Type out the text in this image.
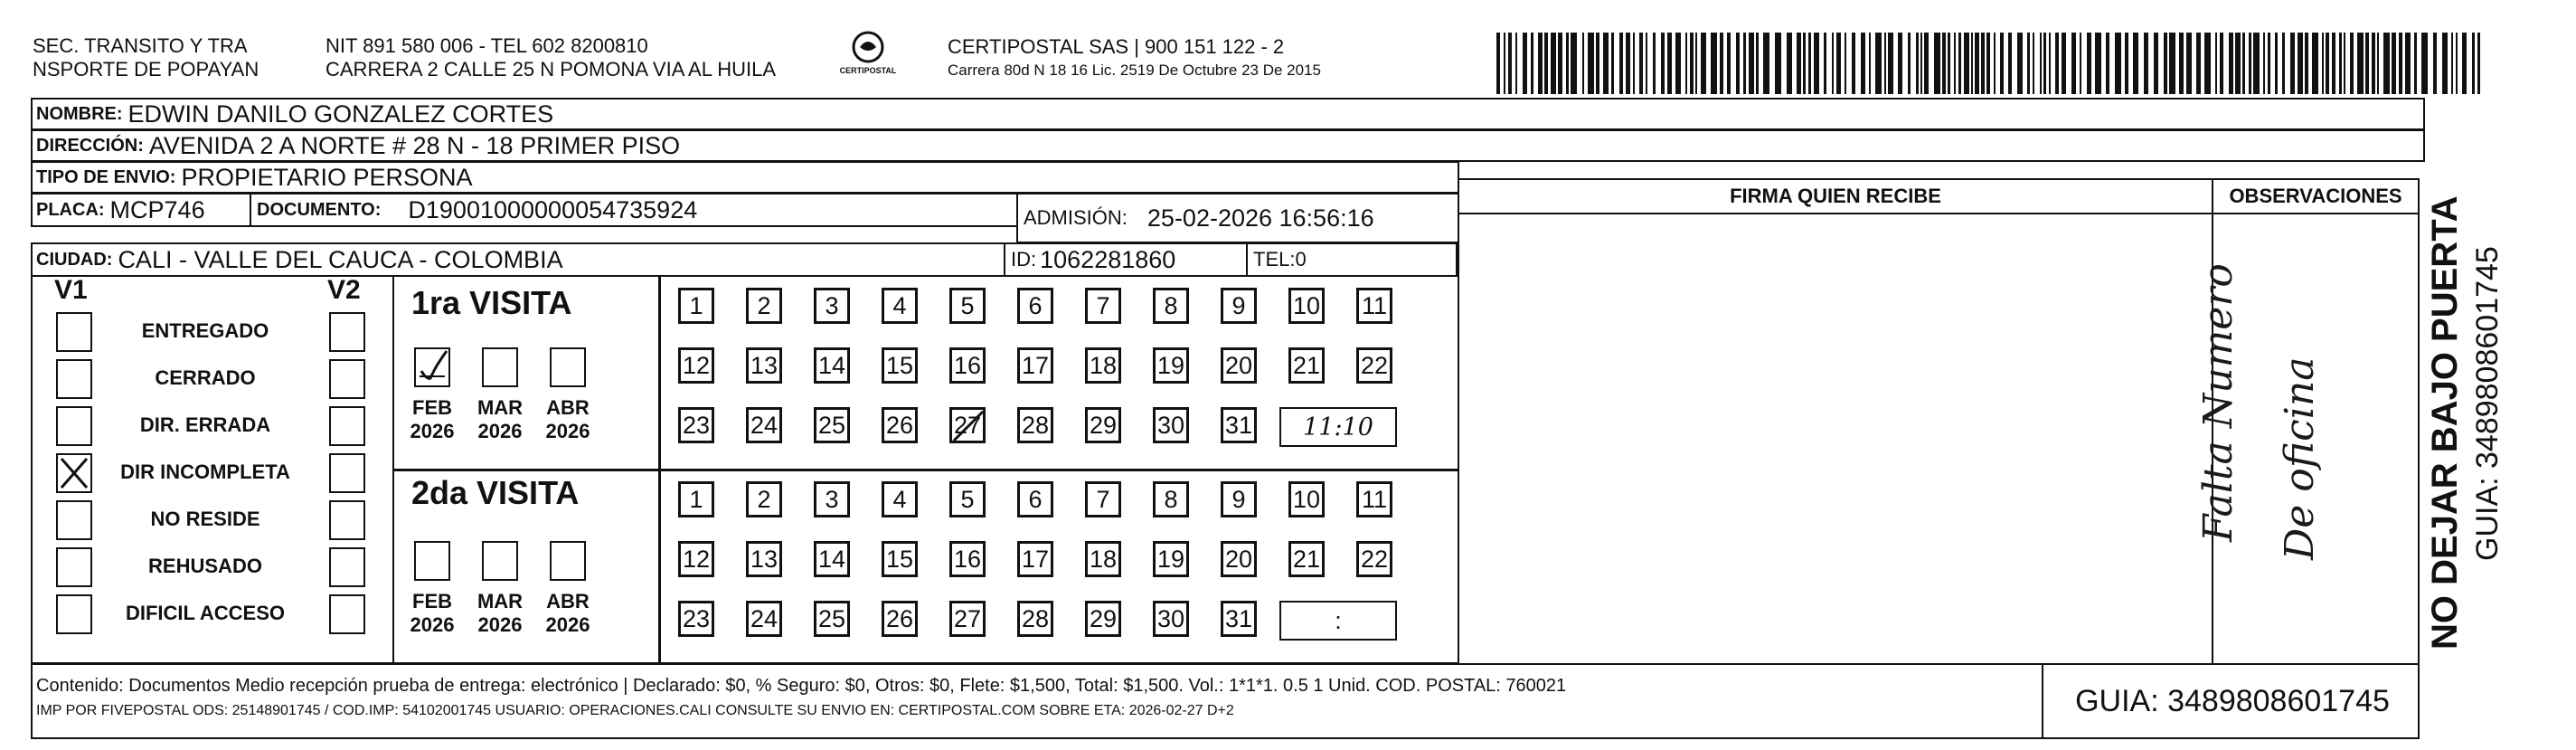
SEC. TRANSITO Y TRA
NSPORTE DE POPAYAN
NIT 891 580 006 - TEL 602 8200810
CARRERA 2 CALLE 25 N POMONA VIA AL HUILA	CERTIPOSTAL
CERTIPOSTAL SAS | 900 151 122 - 2
Carrera 80d N 18 16 Lic. 2519 De Octubre 23 De 2015
NOMBRE: EDWIN DANILO GONZALEZ CORTES
DIRECCIÓN: AVENIDA 2 A NORTE # 28 N - 18 PRIMER PISO
TIPO DE ENVIO: PROPIETARIO PERSONA
PLACA: MCP746	DOCUMENTO: D19001000000054735924	ADMISIÓN: 25-02-2026 16:56:16
CIUDAD: CALI - VALLE DEL CAUCA - COLOMBIA	ID: 1062281860	TEL: 0
FIRMA QUIEN RECIBE	OBSERVACIONES
Falta Numero De oficina
V1	V2
ENTREGADO
CERRADO
DIR. ERRADA
DIR INCOMPLETA
NO RESIDE
REHUSADO
DIFICIL ACCESO
1ra VISITA
2da VISITA
FEB
2026
MAR
2026
ABR
2026
1	2	3	4	5	6	7	8	9	10 11
12 13 14 15 16 17 18 19 20 21 22
23 24 25 26 27 28 29 30 31	11:10
FEB
2026
MAR
2026
ABR
2026
1	2	3	4	5	6	7	8	9	10 11
12 13 14 15 16 17 18 19 20 21 22
23 24 25 26 27 28 29 30 31	:
Contenido: Documentos Medio recepción prueba de entrega: electrónico | Declarado: $0, % Seguro: $0, Otros: $0, Flete: $1,500, Total: $1,500. Vol.: 1*1*1. 0.5 1 Unid. COD. POSTAL: 760021
IMP POR FIVEPOSTAL ODS: 25148901745 / COD.IMP: 54102001745 USUARIO: OPERACIONES.CALI CONSULTE SU ENVIO EN: CERTIPOSTAL.COM SOBRE ETA: 2026-02-27 D+2	GUIA: 3489808601745
NO DEJAR BAJO PUERTA GUIA: 3489808601745
